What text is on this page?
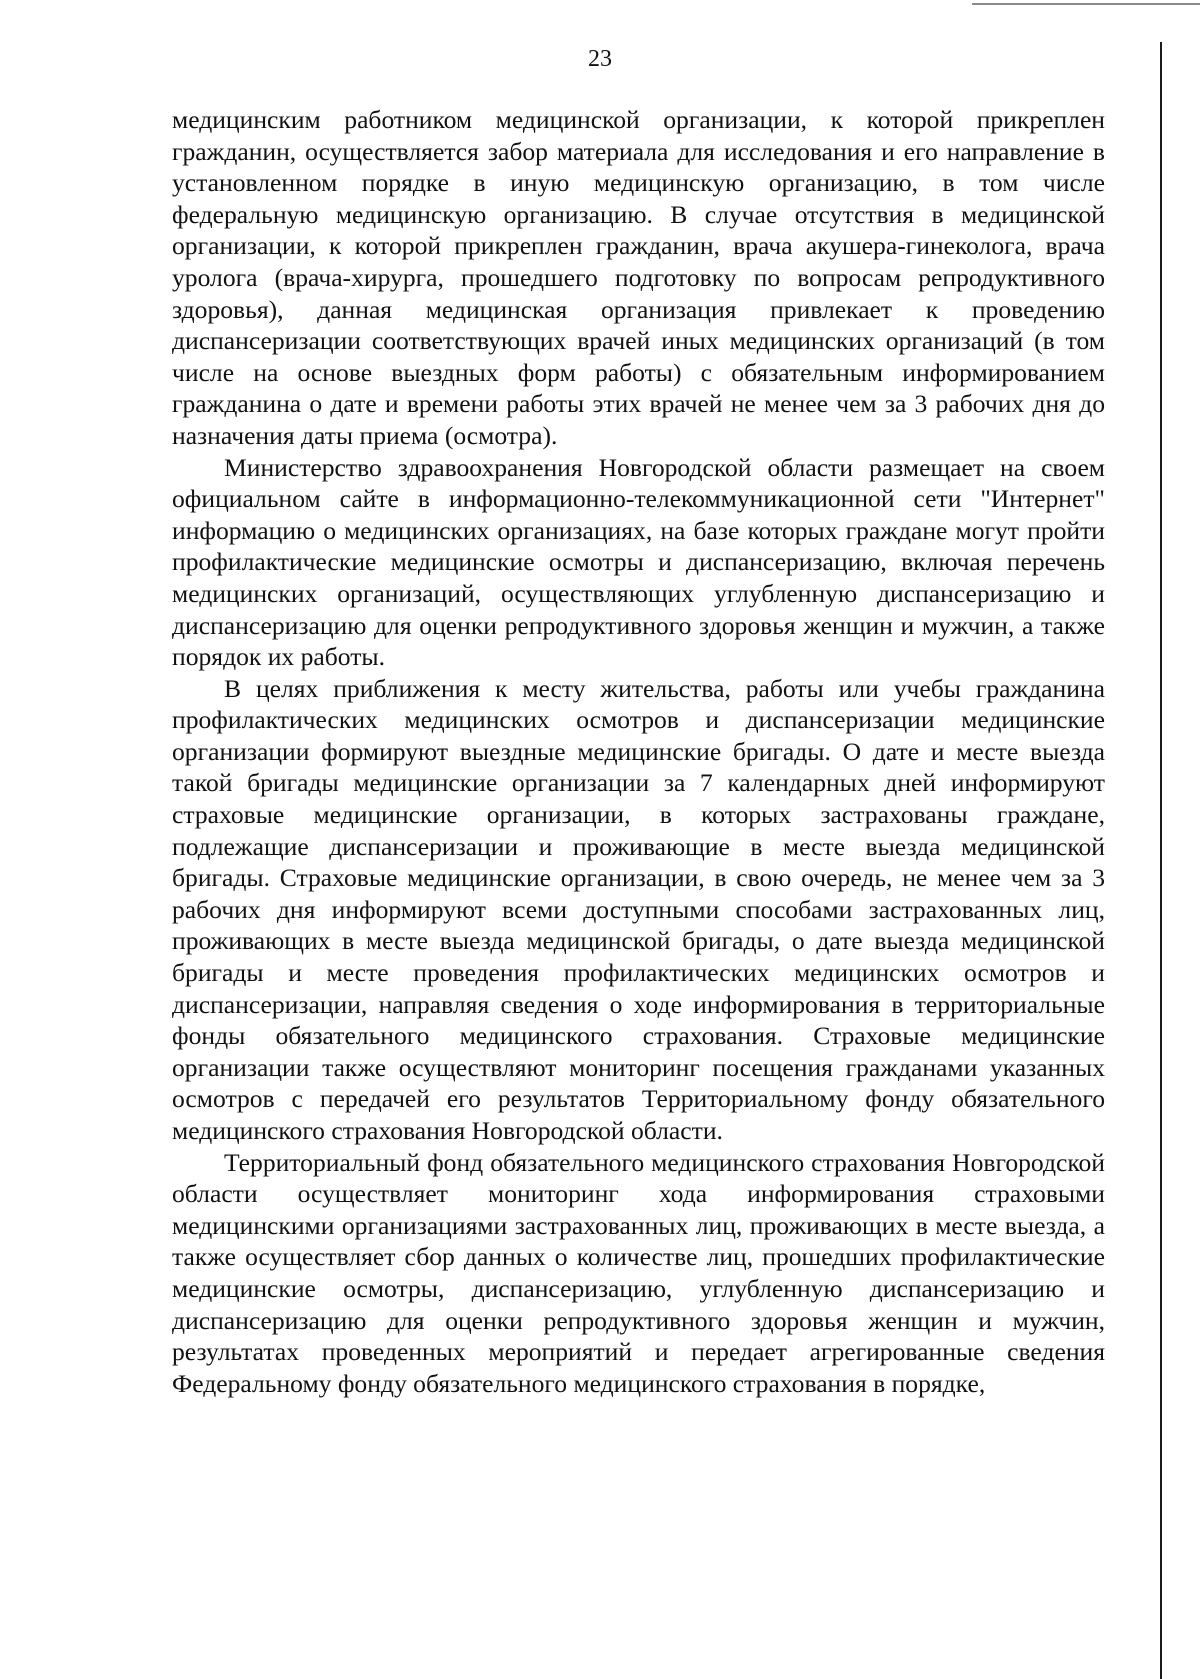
23

медицинским работником медицинской организации, к которой прикреплен гражданин, осуществляется забор материала для исследования и его направление в установленном порядке в иную медицинскую организацию, в том числе федеральную медицинскую организацию. В случае отсутствия в медицинской организации, к которой прикреплен гражданин, врача акушера-гинеколога, врача уролога (врача-хирурга, прошедшего подготовку по вопросам репродуктивного здоровья), данная медицинская организация привлекает к проведению диспансеризации соответствующих врачей иных медицинских организаций (в том числе на основе выездных форм работы) с обязательным информированием гражданина о дате и времени работы этих врачей не менее чем за 3 рабочих дня до назначения даты приема (осмотра).

Министерство здравоохранения Новгородской области размещает на своем официальном сайте в информационно-телекоммуникационной сети "Интернет" информацию о медицинских организациях, на базе которых граждане могут пройти профилактические медицинские осмотры и диспансеризацию, включая перечень медицинских организаций, осуществляющих углубленную диспансеризацию и диспансеризацию для оценки репродуктивного здоровья женщин и мужчин, а также порядок их работы.

В целях приближения к месту жительства, работы или учебы гражданина профилактических медицинских осмотров и диспансеризации медицинские организации формируют выездные медицинские бригады. О дате и месте выезда такой бригады медицинские организации за 7 календарных дней информируют страховые медицинские организации, в которых застрахованы граждане, подлежащие диспансеризации и проживающие в месте выезда медицинской бригады. Страховые медицинские организации, в свою очередь, не менее чем за 3 рабочих дня информируют всеми доступными способами застрахованных лиц, проживающих в месте выезда медицинской бригады, о дате выезда медицинской бригады и месте проведения профилактических медицинских осмотров и диспансеризации, направляя сведения о ходе информирования в территориальные фонды обязательного медицинского страхования. Страховые медицинские организации также осуществляют мониторинг посещения гражданами указанных осмотров с передачей его результатов Территориальному фонду обязательного медицинского страхования Новгородской области.

Территориальный фонд обязательного медицинского страхования Новгородской области осуществляет мониторинг хода информирования страховыми медицинскими организациями застрахованных лиц, проживающих в месте выезда, а также осуществляет сбор данных о количестве лиц, прошедших профилактические медицинские осмотры, диспансеризацию, углубленную диспансеризацию и диспансеризацию для оценки репродуктивного здоровья женщин и мужчин, результатах проведенных мероприятий и передает агрегированные сведения Федеральному фонду обязательного медицинского страхования в порядке,
